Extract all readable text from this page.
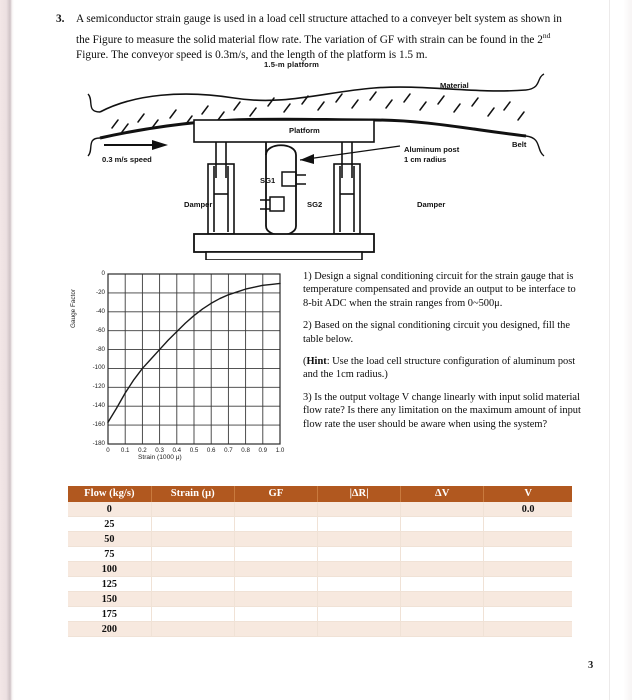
3.	A semiconductor strain gauge is used in a load cell structure attached to a conveyer belt system as shown in the Figure to measure the solid material flow rate. The variation of GF with strain can be found in the 2nd Figure. The conveyor speed is 0.3m/s, and the length of the platform is 1.5 m.
1.5-m platform
Material
Belt
Platform
0.3 m/s speed
Aluminum post
1 cm radius
SG1
SG2
Damper	Damper
Gauge Factor
Strain (1000 μ)
0
-20
-40
-60
-80
-100
-120
-140
-160
-180
0	0.1	0.2	0.3	0.4	0.5	0.6	0.7	0.8	0.9	1.0

1) Design a signal conditioning circuit for the strain gauge that is temperature compensated and provide an output to be interface to 8-bit ADC when the strain ranges from 0~500μ.

2) Based on the signal conditioning circuit you designed, fill the table below.

(Hint: Use the load cell structure configuration of aluminum post and the 1cm radius.)

3) Is the output voltage V change linearly with input solid material flow rate? Is there any limitation on the maximum amount of input flow rate the user should be aware when using the system?

Flow (kg/s)	Strain (μ)	GF	|ΔR|	ΔV	V
0					0.0
25					
50					
75					
100					
125					
150					
175					
200					
3
